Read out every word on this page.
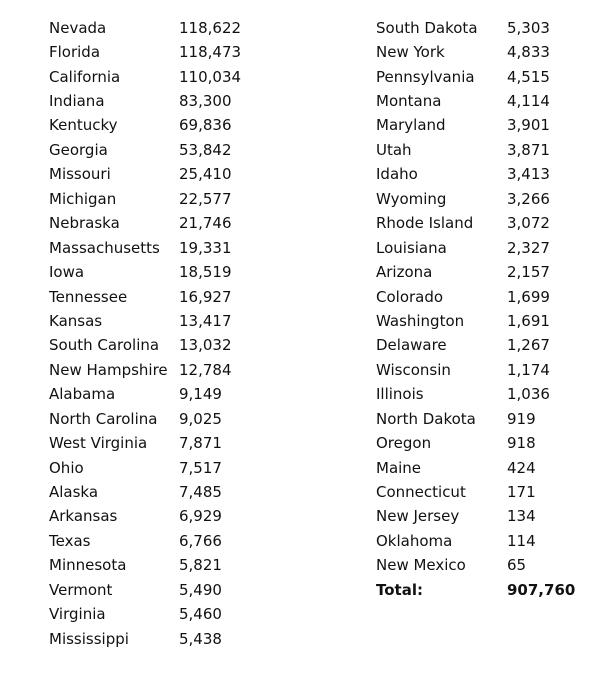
Nevada	118,622
Florida	118,473
California	110,034
Indiana	83,300
Kentucky	69,836
Georgia	53,842
Missouri	25,410
Michigan	22,577
Nebraska	21,746
Massachusetts	19,331
Iowa	18,519
Tennessee	16,927
Kansas	13,417
South Carolina	13,032
New Hampshire 12,784
Alabama	9,149
North Carolina	9,025
West Virginia	7,871
Ohio	7,517
Alaska	7,485
Arkansas	6,929
Texas	6,766
Minnesota	5,821
Vermont	5,490
Virginia	5,460
Mississippi	5,438
South Dakota	5,303
New York	4,833
Pennsylvania	4,515
Montana	4,114
Maryland	3,901
Utah	3,871
Idaho	3,413
Wyoming	3,266
Rhode Island	3,072
Louisiana	2,327
Arizona	2,157
Colorado	1,699
Washington	1,691
Delaware	1,267
Wisconsin	1,174
Illinois	1,036
North Dakota	919
Oregon	918
Maine	424
Connecticut	171
New Jersey	134
Oklahoma	114
New Mexico	65
Total:	907,760
